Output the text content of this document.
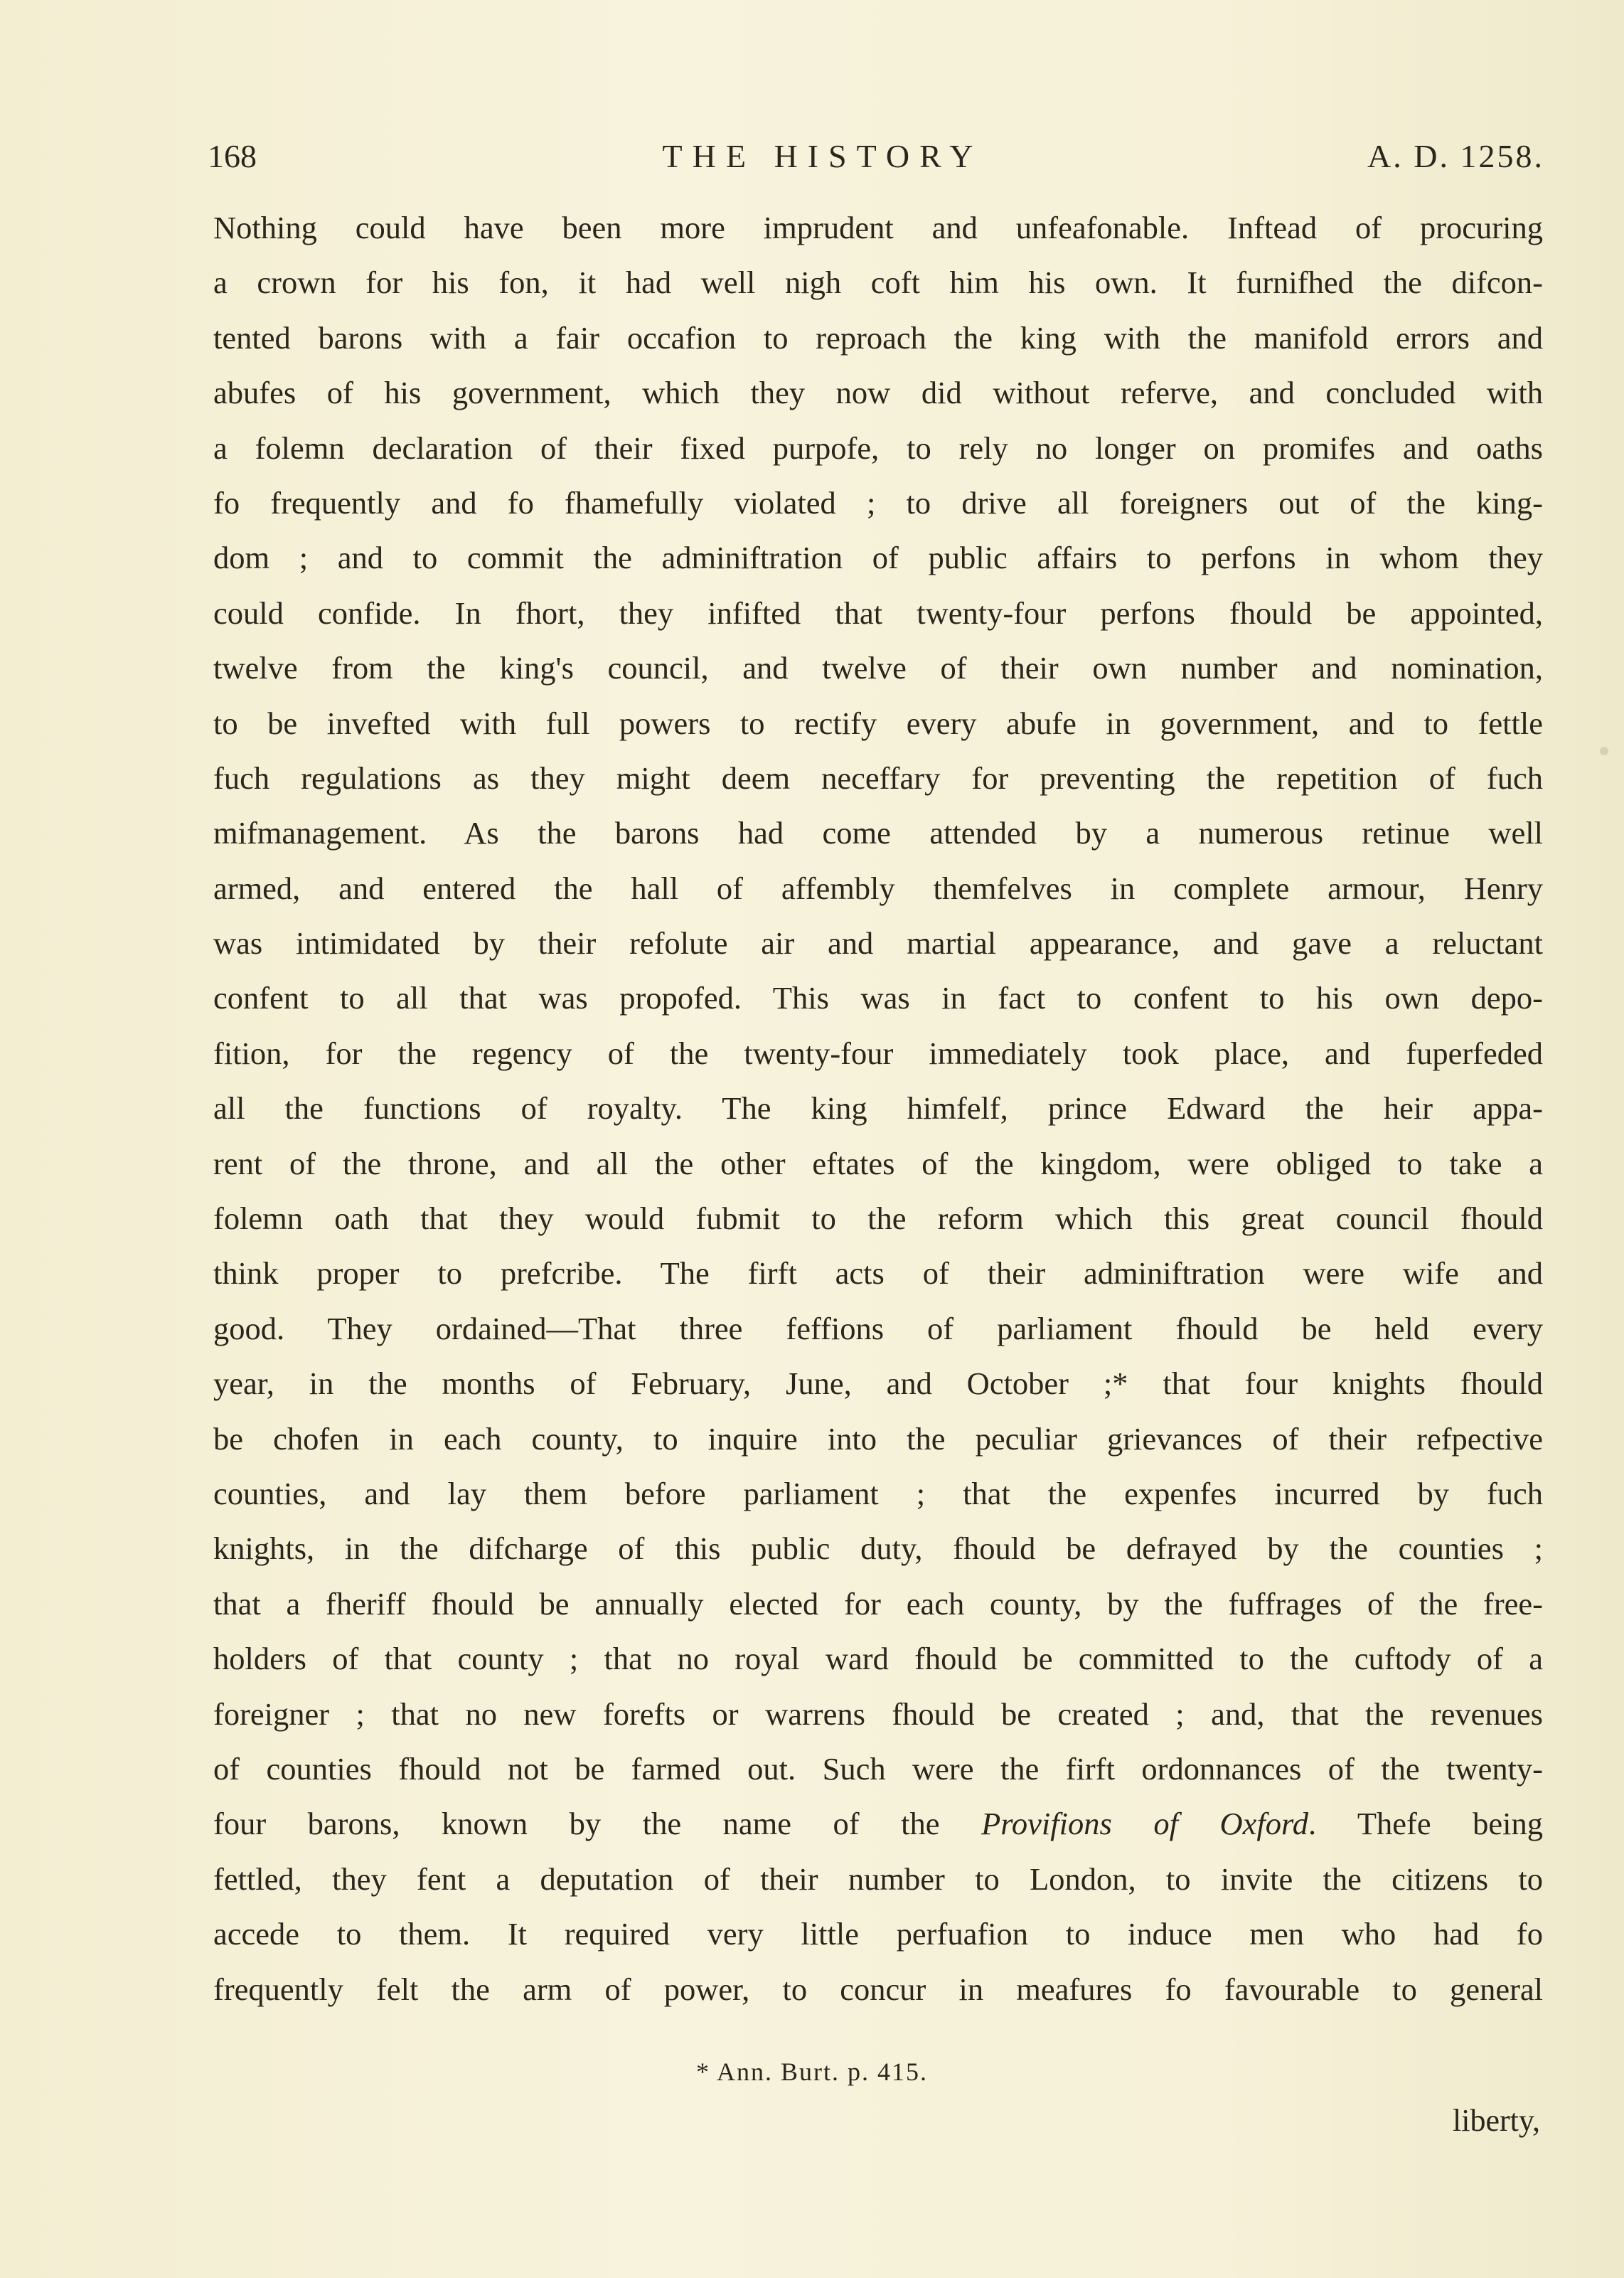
168	THE HISTORY	A. D. 1258.
Nothing could have been more imprudent and unfeafonable. Inftead of procuring
a crown for his fon, it had well nigh coft him his own. It furnifhed the difcon-
tented barons with a fair occafion to reproach the king with the manifold errors and
abufes of his government, which they now did without referve, and concluded with
a folemn declaration of their fixed purpofe, to rely no longer on promifes and oaths
fo frequently and fo fhamefully violated ; to drive all foreigners out of the king-
dom ; and to commit the adminiftration of public affairs to perfons in whom they
could confide. In fhort, they infifted that twenty-four perfons fhould be appointed,
twelve from the king's council, and twelve of their own number and nomination,
to be invefted with full powers to rectify every abufe in government, and to fettle
fuch regulations as they might deem neceffary for preventing the repetition of fuch
mifmanagement. As the barons had come attended by a numerous retinue well
armed, and entered the hall of affembly themfelves in complete armour, Henry
was intimidated by their refolute air and martial appearance, and gave a reluctant
confent to all that was propofed. This was in fact to confent to his own depo-
fition, for the regency of the twenty-four immediately took place, and fuperfeded
all the functions of royalty. The king himfelf, prince Edward the heir appa-
rent of the throne, and all the other eftates of the kingdom, were obliged to take a
folemn oath that they would fubmit to the reform which this great council fhould
think proper to prefcribe. The firft acts of their adminiftration were wife and
good. They ordained—That three feffions of parliament fhould be held every
year, in the months of February, June, and October ;* that four knights fhould
be chofen in each county, to inquire into the peculiar grievances of their refpective
counties, and lay them before parliament ; that the expenfes incurred by fuch
knights, in the difcharge of this public duty, fhould be defrayed by the counties ;
that a fheriff fhould be annually elected for each county, by the fuffrages of the free-
holders of that county ; that no royal ward fhould be committed to the cuftody of a
foreigner ; that no new forefts or warrens fhould be created ; and, that the revenues
of counties fhould not be farmed out. Such were the firft ordonnances of the twenty-
four barons, known by the name of the Provifions of Oxford. Thefe being
fettled, they fent a deputation of their number to London, to invite the citizens to
accede to them. It required very little perfuafion to induce men who had fo
frequently felt the arm of power, to concur in meafures fo favourable to general
* Ann. Burt. p. 415.
liberty,
